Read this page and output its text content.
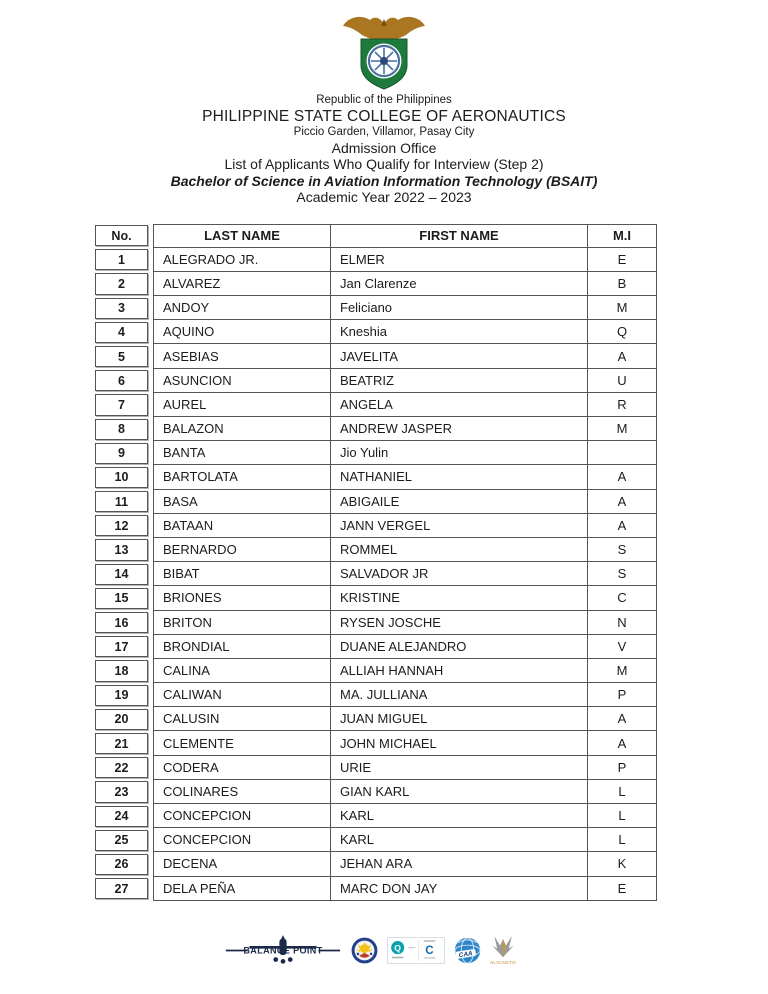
Republic of the Philippines
PHILIPPINE STATE COLLEGE OF AERONAUTICS
Piccio Garden, Villamor, Pasay City
Admission Office
List of Applicants Who Qualify for Interview (Step 2)
Bachelor of Science in Aviation Information Technology (BSAIT)
Academic Year 2022 – 2023
No.	LAST NAME	FIRST NAME	M.I
1	ALEGRADO JR.	ELMER	E
2	ALVAREZ	Jan Clarenze	B
3	ANDOY	Feliciano	M
4	AQUINO	Kneshia	Q
5	ASEBIAS	JAVELITA	A
6	ASUNCION	BEATRIZ	U
7	AUREL	ANGELA	R
8	BALAZON	ANDREW JASPER	M
9	BANTA	Jio Yulin
10	BARTOLATA	NATHANIEL	A
11	BASA	ABIGAILE	A
12	BATAAN	JANN VERGEL	A
13	BERNARDO	ROMMEL	S
14	BIBAT	SALVADOR JR	S
15	BRIONES	KRISTINE	C
16	BRITON	RYSEN JOSCHE	N
17	BRONDIAL	DUANE ALEJANDRO	V
18	CALINA	ALLIAH HANNAH	M
19	CALIWAN	MA. JULLIANA	P
20	CALUSIN	JUAN MIGUEL	A
21	CLEMENTE	JOHN MICHAEL	A
22	CODERA	URIE	P
23	COLINARES	GIAN KARL	L
24	CONCEPCION	KARL	L
25	CONCEPCION	KARL	L
26	DECENA	JEHAN ARA	K
27	DELA PEÑA	MARC DON JAY	E
BALANCE POINT	Q C	CAA
ALICANTO
